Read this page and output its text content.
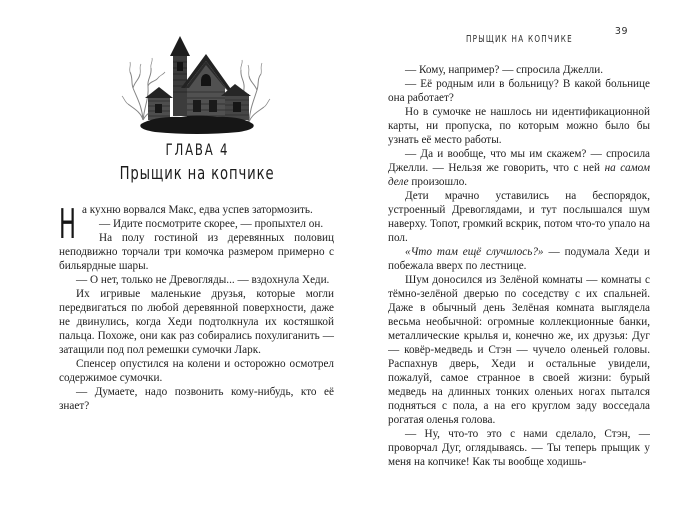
ГЛАВА 4
Прыщик на копчике

На кухню ворвался Макс, едва успев затормозить.

— Идите посмотрите скорее, — пропыхтел он.

На полу гостиной из деревянных половиц неподвижно торчали три комочка размером примерно с бильярдные шары.

— О нет, только не Древогляды... — вздохнула Хеди.

Их игривые маленькие друзья, которые могли передвигаться по любой деревянной поверхности, даже не двинулись, когда Хеди подтолкнула их костяшкой пальца. Похоже, они как раз собирались похулиганить — затащили под пол ремешки сумочки Ларк.

Спенсер опустился на колени и осторожно осмотрел содержимое сумочки.

— Думаете, надо позвонить кому-нибудь, кто её знает?

ПРЫЩИК НА КОПЧИКЕ
39

— Кому, например? — спросила Джелли.

— Её родным или в больницу? В какой больнице она работает?

Но в сумочке не нашлось ни идентификационной карты, ни пропуска, по которым можно было бы узнать её место работы.

— Да и вообще, что мы им скажем? — спросила Джелли. — Нельзя же говорить, что с ней на самом деле произошло.

Дети мрачно уставились на беспорядок, устроенный Древоглядами, и тут послышался шум наверху. Топот, громкий вскрик, потом что-то упало на пол.

«Что там ещё случилось?» — подумала Хеди и побежала вверх по лестнице.

Шум доносился из Зелёной комнаты — комнаты с тёмно-зелёной дверью по соседству с их спальней. Даже в обычный день Зелёная комната выглядела весьма необычной: огромные коллекционные банки, металлические крылья и, конечно же, их друзья: Дуг — ковёр-медведь и Стэн — чучело оленьей головы. Распахнув дверь, Хеди и остальные увидели, пожалуй, самое странное в своей жизни: бурый медведь на длинных тонких оленьих ногах пытался подняться с пола, а на его круглом заду восседала рогатая оленья голова.

— Ну, что-то это с нами сделало, Стэн, — проворчал Дуг, оглядываясь. — Ты теперь прыщик у меня на копчике! Как ты вообще ходишь-
